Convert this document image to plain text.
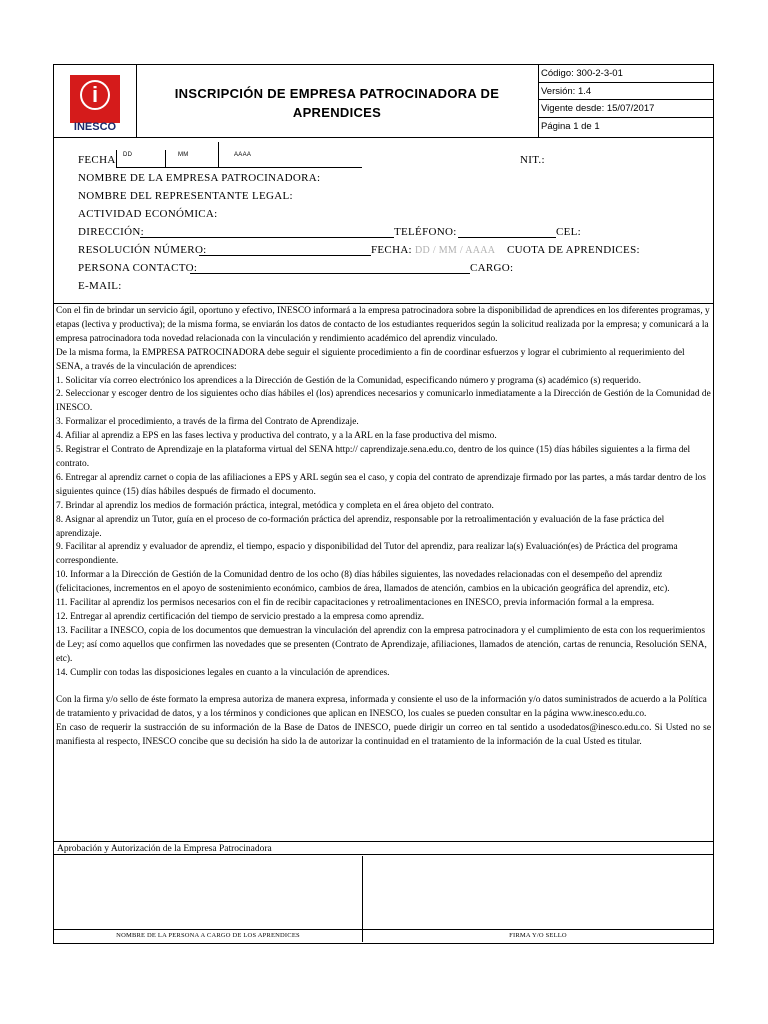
i
INESCO
INSCRIPCIÓN DE EMPRESA PATROCINADORA DE
APRENDICES
Código: 300-2-3-01
Versión: 1.4
Vigente desde: 15/07/2017
Página 1 de 1
FECHA DD	MM	AAAA	NIT.:
NOMBRE DE LA EMPRESA PATROCINADORA:
NOMBRE DEL REPRESENTANTE LEGAL:
ACTIVIDAD ECONÓMICA:
DIRECCIÓN:	TELÉFONO:	CEL:
RESOLUCIÓN NÚMERO:	FECHA: DD / MM / AAAA CUOTA DE APRENDICES:
PERSONA CONTACTO:	CARGO:
E-MAIL:

Con el fin de brindar un servicio ágil, oportuno y efectivo, INESCO informará a la empresa patrocinadora sobre la disponibilidad de aprendices en los diferentes programas, y etapas (lectiva y productiva); de la misma forma, se enviarán los datos de contacto de los estudiantes requeridos según la solicitud realizada por la empresa; y comunicará a la empresa patrocinadora toda novedad relacionada con la vinculación y rendimiento académico del aprendiz vinculado.

De la misma forma, la EMPRESA PATROCINADORA debe seguir el siguiente procedimiento a fin de coordinar esfuerzos y lograr el cubrimiento al requerimiento del SENA, a través de la vinculación de aprendices:

1. Solicitar vía correo electrónico los aprendices a la Dirección de Gestión de la Comunidad, especificando número y programa (s) académico (s) requerido.

2. Seleccionar y escoger dentro de los siguientes ocho días hábiles el (los) aprendices necesarios y comunicarlo inmediatamente a la Dirección de Gestión de la Comunidad de INESCO.

3. Formalizar el procedimiento, a través de la firma del Contrato de Aprendizaje.

4. Afiliar al aprendiz a EPS en las fases lectiva y productiva del contrato, y a la ARL en la fase productiva del mismo.

5. Registrar el Contrato de Aprendizaje en la plataforma virtual del SENA http:// caprendizaje.sena.edu.co, dentro de los quince (15) días hábiles siguientes a la firma del contrato.

6. Entregar al aprendiz carnet o copia de las afiliaciones a EPS y ARL según sea el caso, y copia del contrato de aprendizaje firmado por las partes, a más tardar dentro de los siguientes quince (15) días hábiles después de firmado el documento.

7. Brindar al aprendiz los medios de formación práctica, integral, metódica y completa en el área objeto del contrato.

8. Asignar al aprendiz un Tutor, guía en el proceso de co-formación práctica del aprendiz, responsable por la retroalimentación y evaluación de la fase práctica del aprendizaje.

9. Facilitar al aprendiz y evaluador de aprendiz, el tiempo, espacio y disponibilidad del Tutor del aprendiz, para realizar la(s) Evaluación(es) de Práctica del programa correspondiente.

10. Informar a la Dirección de Gestión de la Comunidad dentro de los ocho (8) días hábiles siguientes, las novedades relacionadas con el desempeño del aprendiz (felicitaciones, incrementos en el apoyo de sostenimiento económico, cambios de área, llamados de atención, cambios en la ubicación geográfica del aprendiz, etc).

11. Facilitar al aprendiz los permisos necesarios con el fin de recibir capacitaciones y retroalimentaciones en INESCO, previa información formal a la empresa.

12. Entregar al aprendiz certificación del tiempo de servicio prestado a la empresa como aprendiz.

13. Facilitar a INESCO, copia de los documentos que demuestran la vinculación del aprendiz con la empresa patrocinadora y el cumplimiento de esta con los requerimientos de Ley; así como aquellos que confirmen las novedades que se presenten (Contrato de Aprendizaje, afiliaciones, llamados de atención, cartas de renuncia, Resolución SENA, etc).

14. Cumplir con todas las disposiciones legales en cuanto a la vinculación de aprendices.

Con la firma y/o sello de éste formato la empresa autoriza de manera expresa, informada y consiente el uso de la información y/o datos suministrados de acuerdo a la Política de tratamiento y privacidad de datos, y a los términos y condiciones que aplican en INESCO, los cuales se pueden consultar en la página www.inesco.edu.co.

En caso de requerir la sustracción de su información de la Base de Datos de INESCO, puede dirigir un correo en tal sentido a usodedatos@inesco.edu.co. Si Usted no se manifiesta al respecto, INESCO concibe que su decisión ha sido la de autorizar la continuidad en el tratamiento de la información de la cual Usted es titular.

Aprobación y Autorización de la Empresa Patrocinadora
NOMBRE DE LA PERSONA A CARGO DE LOS APRENDICES	FIRMA Y/O SELLO
